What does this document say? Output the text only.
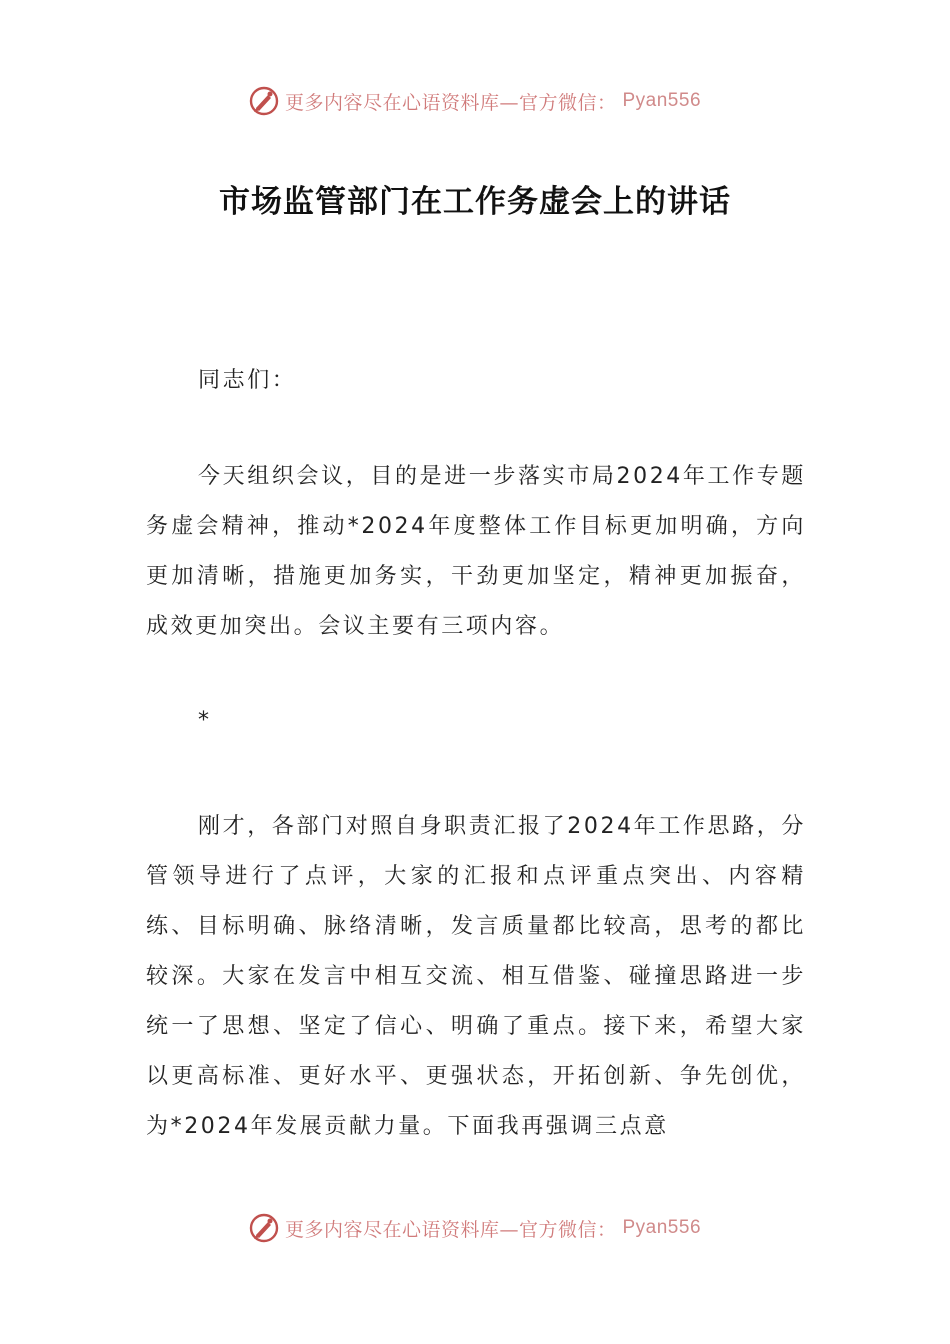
更多内容尽在心语资料库—官方微信： Pyan556
市场监管部门在工作务虚会上的讲话

同志们：

今天组织会议，目的是进一步落实市局2024年工作专题务虚会精神，推动*2024年度整体工作目标更加明确，方向更加清晰，措施更加务实，干劲更加坚定，精神更加振奋，成效更加突出。会议主要有三项内容。

*

刚才，各部门对照自身职责汇报了2024年工作思路，分管领导进行了点评，大家的汇报和点评重点突出、内容精练、目标明确、脉络清晰，发言质量都比较高，思考的都比较深。大家在发言中相互交流、相互借鉴、碰撞思路进一步统一了思想、坚定了信心、明确了重点。接下来，希望大家以更高标准、更好水平、更强状态，开拓创新、争先创优，为*2024年发展贡献力量。下面我再强调三点意

更多内容尽在心语资料库—官方微信： Pyan556
